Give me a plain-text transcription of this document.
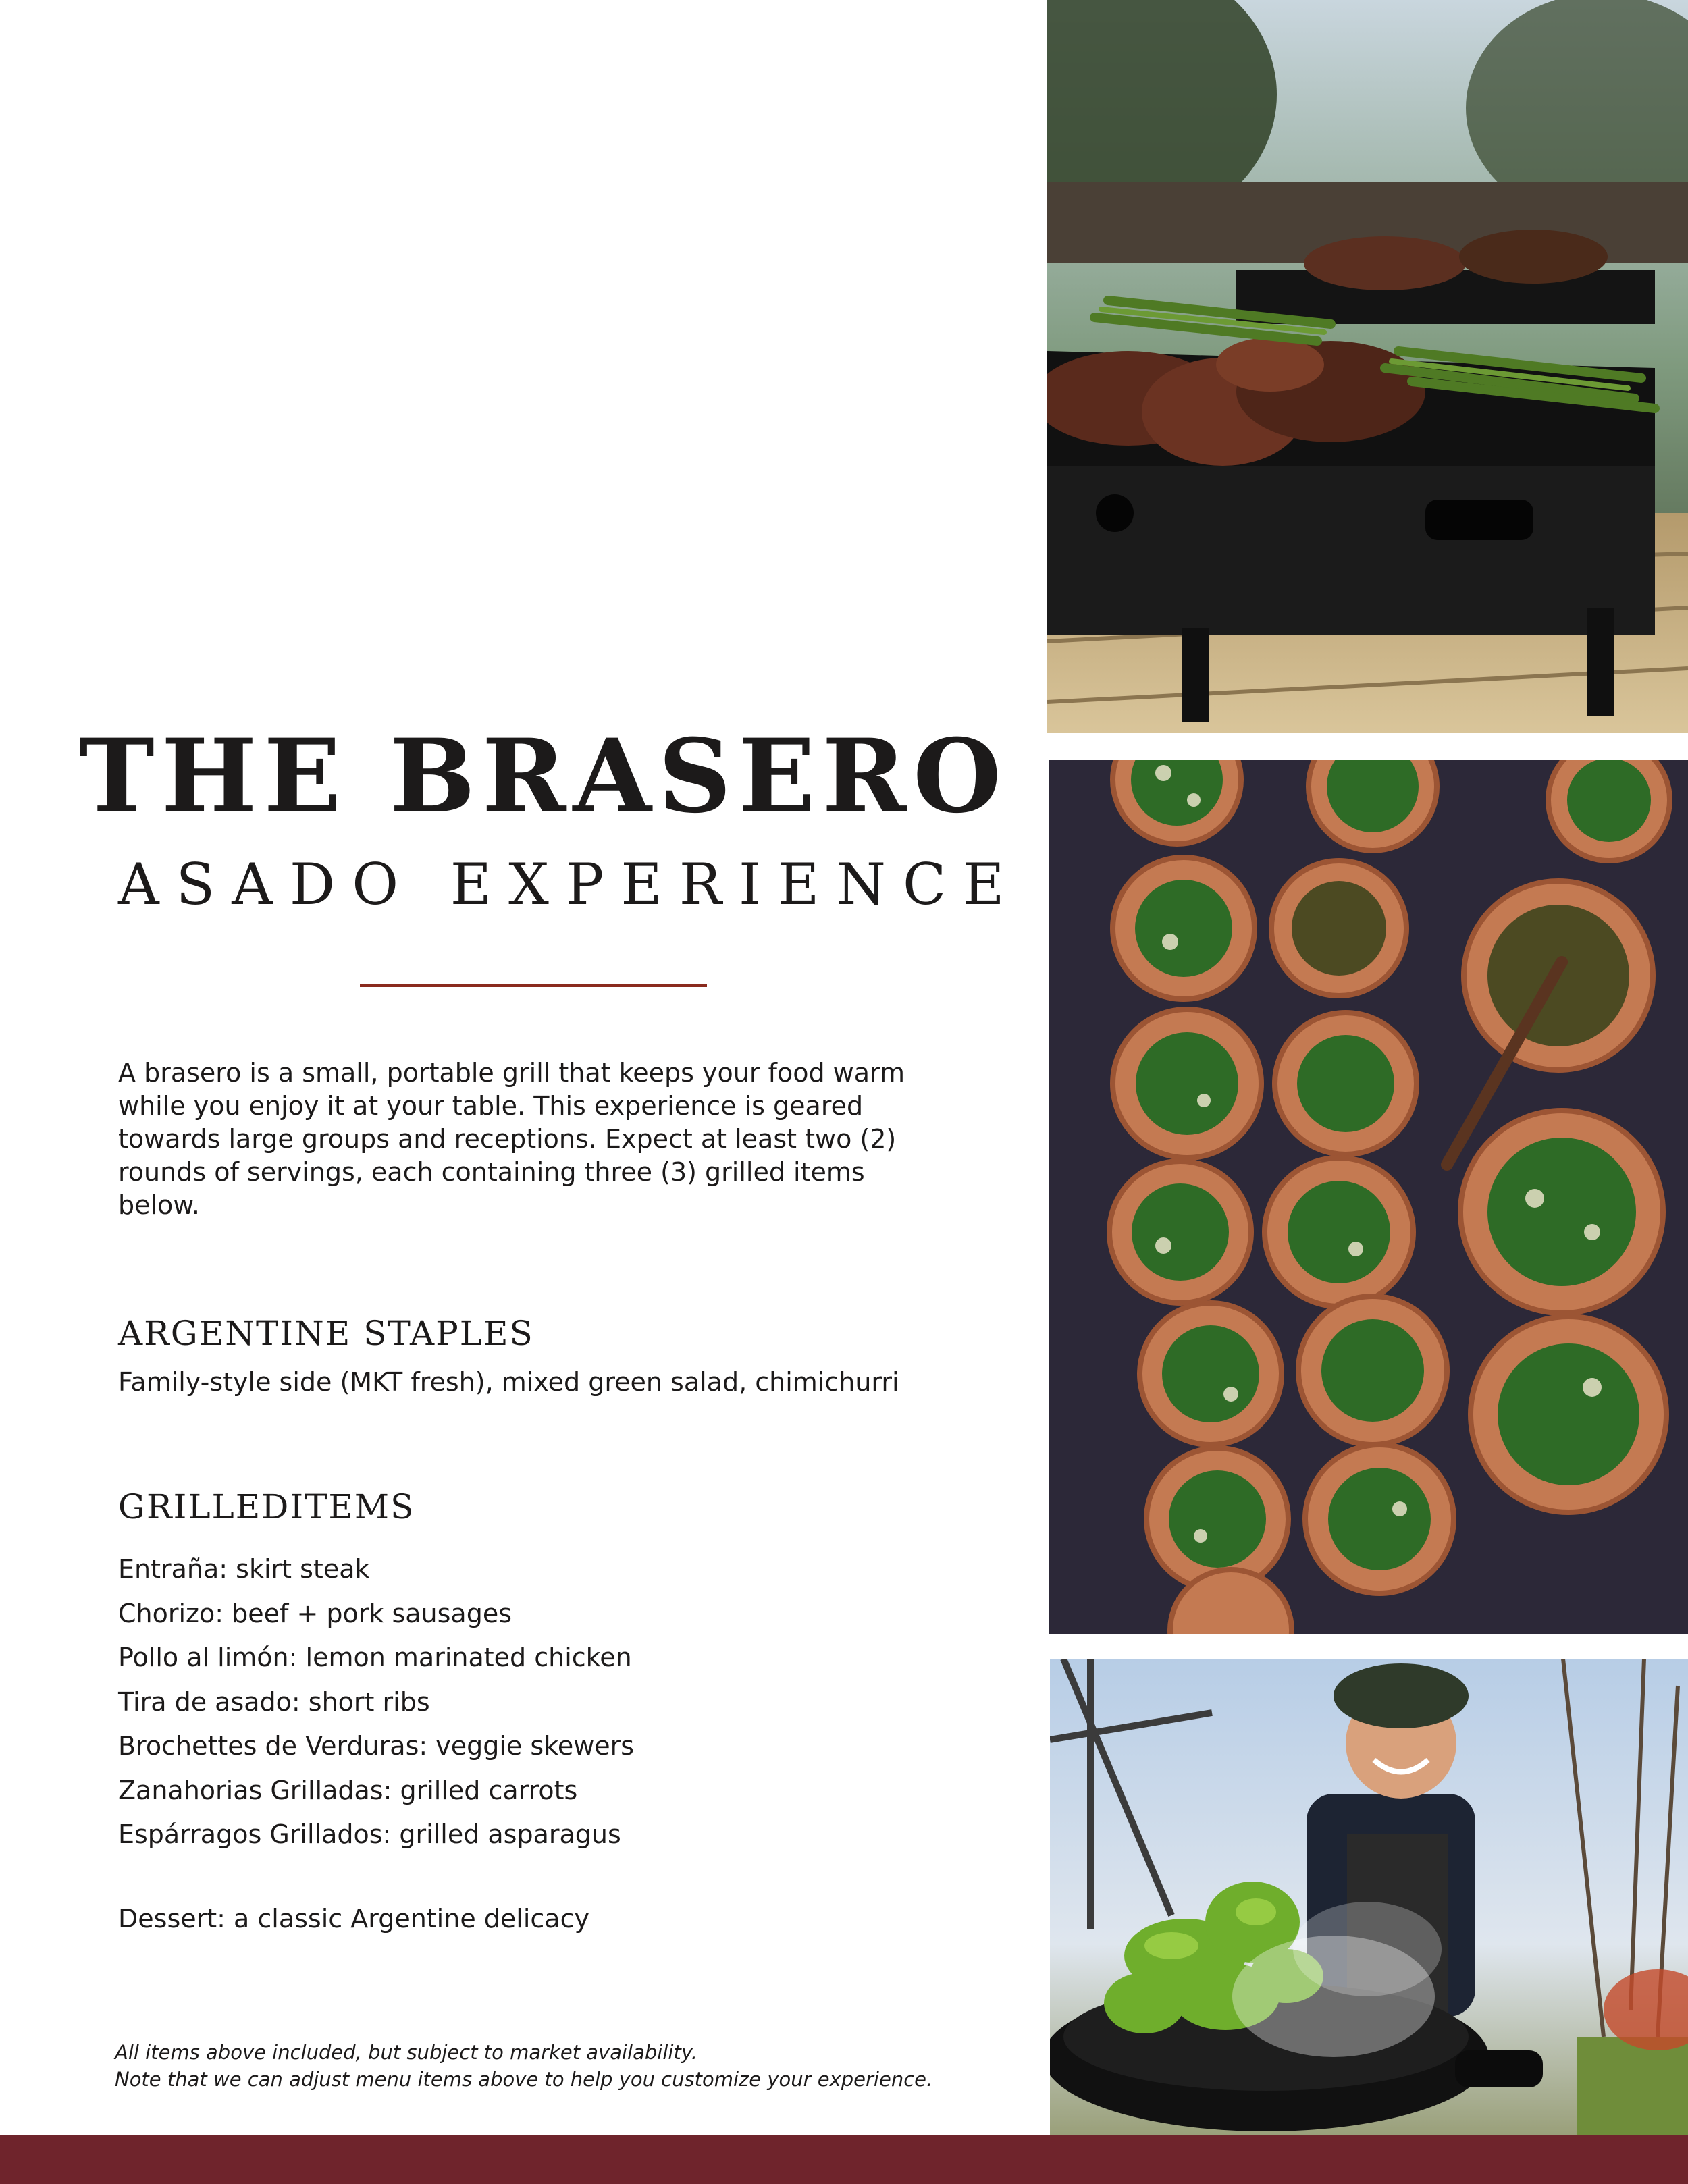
THE BRASERO
ASADO EXPERIENCE

A brasero is a small, portable grill that keeps your food warm while you enjoy it at your table. This experience is geared towards large groups and receptions. Expect at least two (2) rounds of servings, each containing three (3) grilled items below.

ARGENTINE STAPLES
Family-style side (MKT fresh), mixed green salad, chimichurri
GRILLEDITEMS
Entraña: skirt steak
Chorizo: beef + pork sausages
Pollo al limón: lemon marinated chicken
Tira de asado: short ribs
Brochettes de Verduras: veggie skewers
Zanahorias Grilladas: grilled carrots
Espárragos Grillados: grilled asparagus
Dessert: a classic Argentine delicacy
All items above included, but subject to market availability.
Note that we can adjust menu items above to help you customize your experience.
